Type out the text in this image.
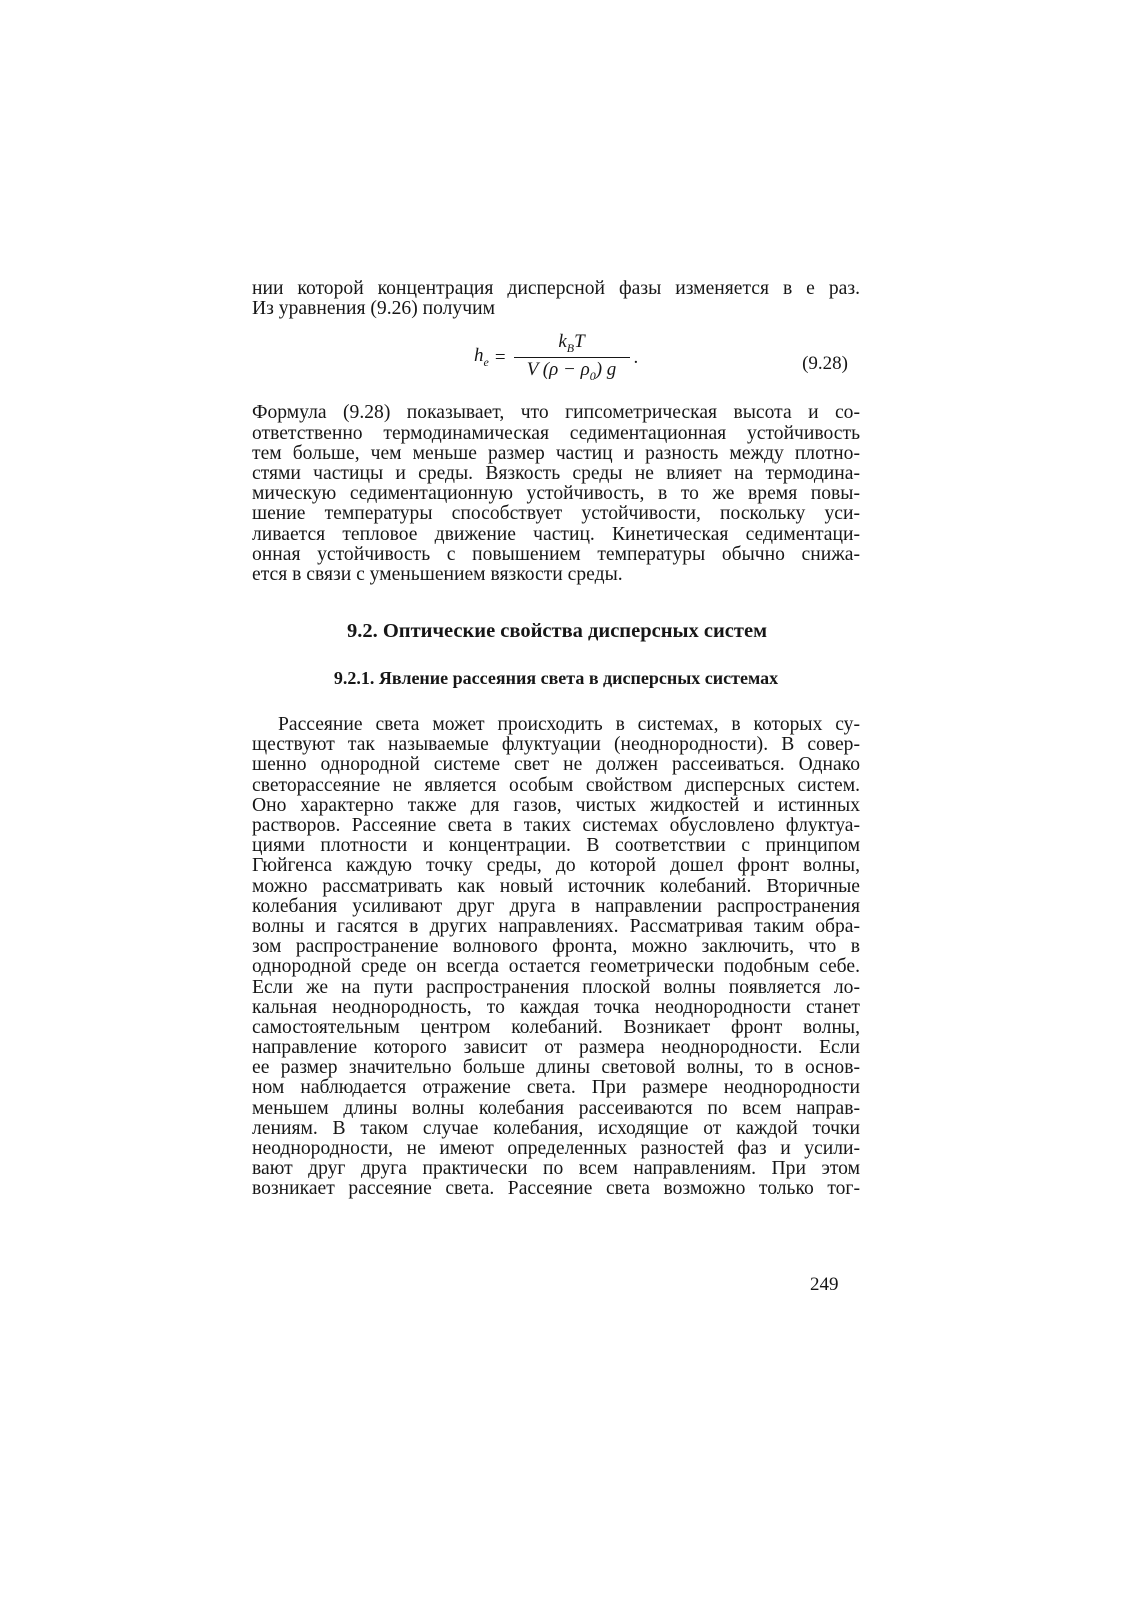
нии которой концентрация дисперсной фазы изменяется в е раз.
Из уравнения (9.26) получим
$h_e = \frac{k_BT}{V (\rho - \rho_0) g}$ .	(9.28)
Формула (9.28) показывает, что гипсометрическая высота и со-
ответственно термодинамическая седиментационная устойчивость
тем больше, чем меньше размер частиц и разность между плотно-
стями частицы и среды. Вязкость среды не влияет на термодина-
мическую седиментационную устойчивость, в то же время повы-
шение температуры способствует устойчивости, поскольку уси-
ливается тепловое движение частиц. Кинетическая седиментаци-
онная устойчивость с повышением температуры обычно снижа-
ется в связи с уменьшением вязкости среды.
9.2. Оптические свойства дисперсных систем
9.2.1. Явление рассеяния света в дисперсных системах
Рассеяние света может происходить в системах, в которых су-
ществуют так называемые флуктуации (неоднородности). В совер-
шенно однородной системе свет не должен рассеиваться. Однако
светорассеяние не является особым свойством дисперсных систем.
Оно характерно также для газов, чистых жидкостей и истинных
растворов. Рассеяние света в таких системах обусловлено флуктуа-
циями плотности и концентрации. В соответствии с принципом
Гюйгенса каждую точку среды, до которой дошел фронт волны,
можно рассматривать как новый источник колебаний. Вторичные
колебания усиливают друг друга в направлении распространения
волны и гасятся в других направлениях. Рассматривая таким обра-
зом распространение волнового фронта, можно заключить, что в
однородной среде он всегда остается геометрически подобным себе.
Если же на пути распространения плоской волны появляется ло-
кальная неоднородность, то каждая точка неоднородности станет
самостоятельным центром колебаний. Возникает фронт волны,
направление которого зависит от размера неоднородности. Если
ее размер значительно больше длины световой волны, то в основ-
ном наблюдается отражение света. При размере неоднородности
меньшем длины волны колебания рассеиваются по всем направ-
лениям. В таком случае колебания, исходящие от каждой точки
неоднородности, не имеют определенных разностей фаз и усили-
вают друг друга практически по всем направлениям. При этом
возникает рассеяние света. Рассеяние света возможно только тог-
249
